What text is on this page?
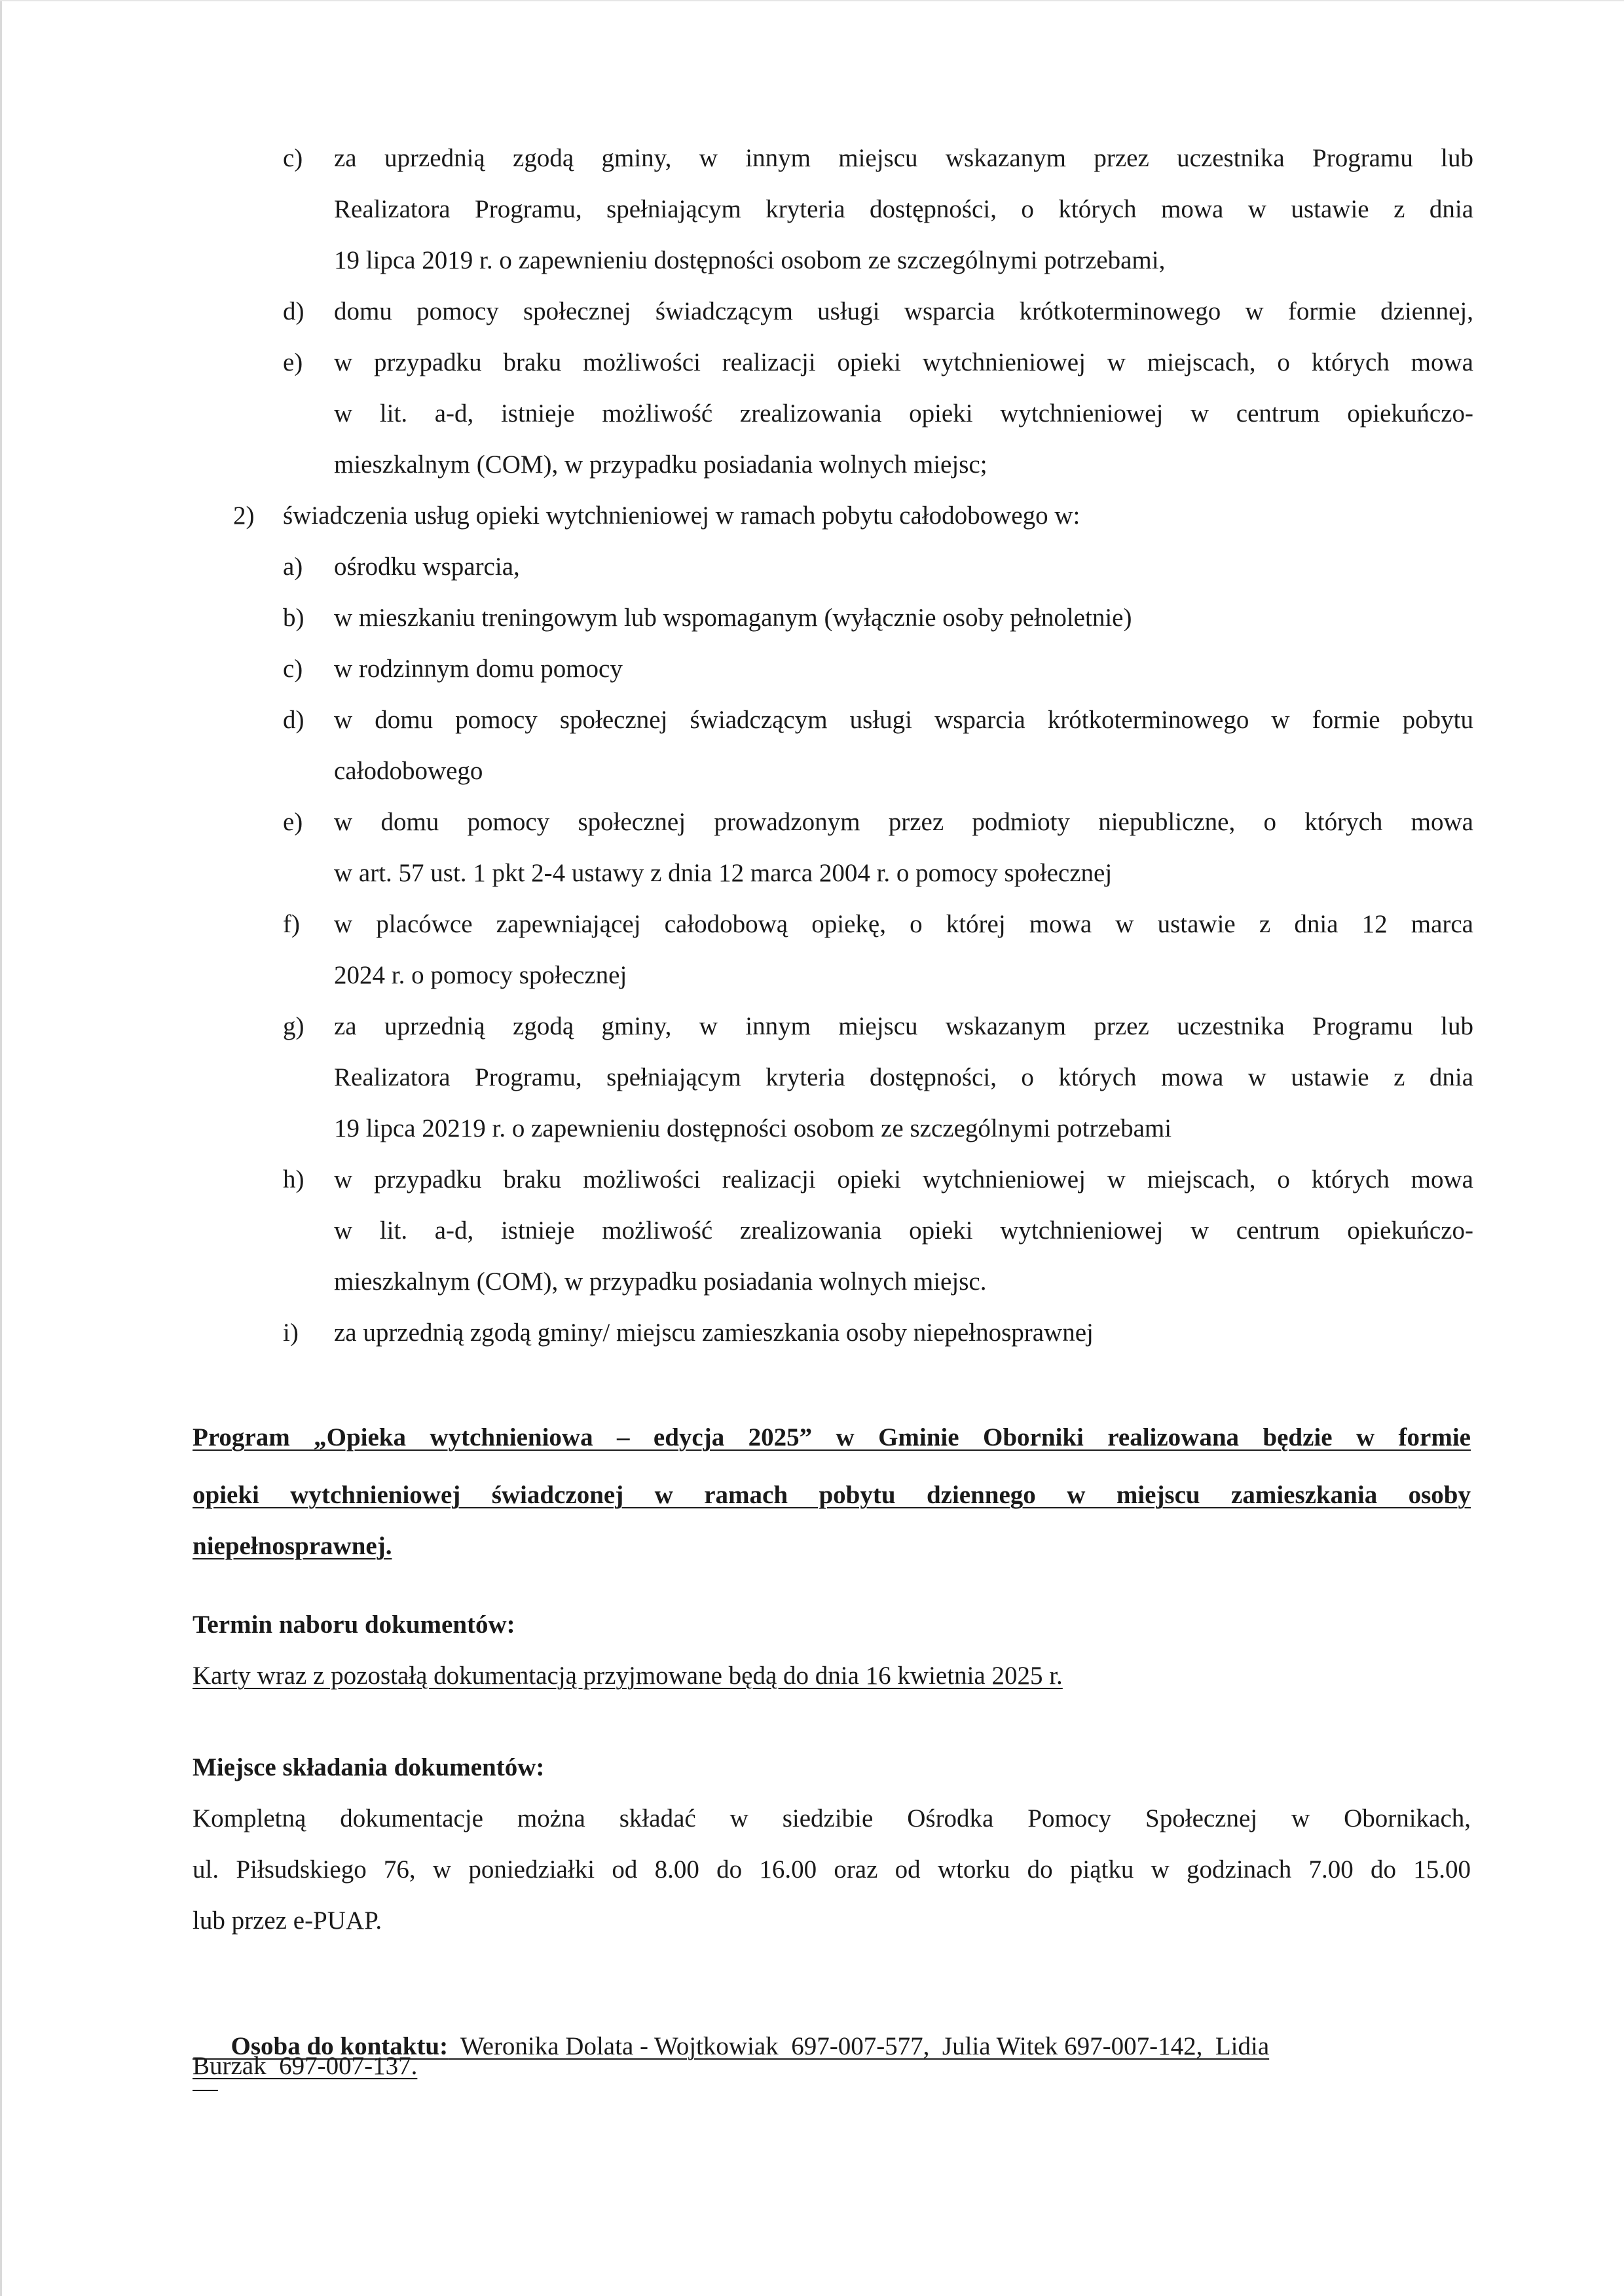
c) za uprzednią zgodą gminy, w innym miejscu wskazanym przez uczestnika Programu lub
Realizatora Programu, spełniającym kryteria dostępności, o których mowa w ustawie z dnia
19 lipca 2019 r. o zapewnieniu dostępności osobom ze szczególnymi potrzebami,
d) domu pomocy społecznej świadczącym usługi wsparcia krótkoterminowego w formie dziennej,
e) w przypadku braku możliwości realizacji opieki wytchnieniowej w miejscach, o których mowa
w lit. a-d, istnieje możliwość zrealizowania opieki wytchnieniowej w centrum opiekuńczo-
mieszkalnym (COM), w przypadku posiadania wolnych miejsc;
2) świadczenia usług opieki wytchnieniowej w ramach pobytu całodobowego w:
a) ośrodku wsparcia,
b) w mieszkaniu treningowym lub wspomaganym (wyłącznie osoby pełnoletnie)
c) w rodzinnym domu pomocy
d) w domu pomocy społecznej świadczącym usługi wsparcia krótkoterminowego w formie pobytu
całodobowego
e) w domu pomocy społecznej prowadzonym przez podmioty niepubliczne, o których mowa
w art. 57 ust. 1 pkt 2-4 ustawy z dnia 12 marca 2004 r. o pomocy społecznej
f) w placówce zapewniającej całodobową opiekę, o której mowa w ustawie z dnia 12 marca
2024 r. o pomocy społecznej
g) za uprzednią zgodą gminy, w innym miejscu wskazanym przez uczestnika Programu lub
Realizatora Programu, spełniającym kryteria dostępności, o których mowa w ustawie z dnia
19 lipca 20219 r. o zapewnieniu dostępności osobom ze szczególnymi potrzebami
h) w przypadku braku możliwości realizacji opieki wytchnieniowej w miejscach, o których mowa
w lit. a-d, istnieje możliwość zrealizowania opieki wytchnieniowej w centrum opiekuńczo-
mieszkalnym (COM), w przypadku posiadania wolnych miejsc.
i) za uprzednią zgodą gminy/ miejscu zamieszkania osoby niepełnosprawnej
Program „Opieka wytchnieniowa – edycja 2025” w Gminie Oborniki realizowana będzie w formie
opieki wytchnieniowej świadczonej w ramach pobytu dziennego w miejscu zamieszkania osoby
niepełnosprawnej.
Termin naboru dokumentów:
Karty wraz z pozostałą dokumentacją przyjmowane będą do dnia 16 kwietnia 2025 r.
Miejsce składania dokumentów:
Kompletną dokumentacje można składać w siedzibie Ośrodka Pomocy Społecznej w Obornikach,
ul. Piłsudskiego 76, w poniedziałki od 8.00 do 16.00 oraz od wtorku do piątku w godzinach 7.00 do 15.00
lub przez e-PUAP.

Osoba do kontaktu:  Weronika Dolata - Wojtkowiak  697-007-577,  Julia Witek 697-007-142,  Lidia

Burzak  697-007-137.
